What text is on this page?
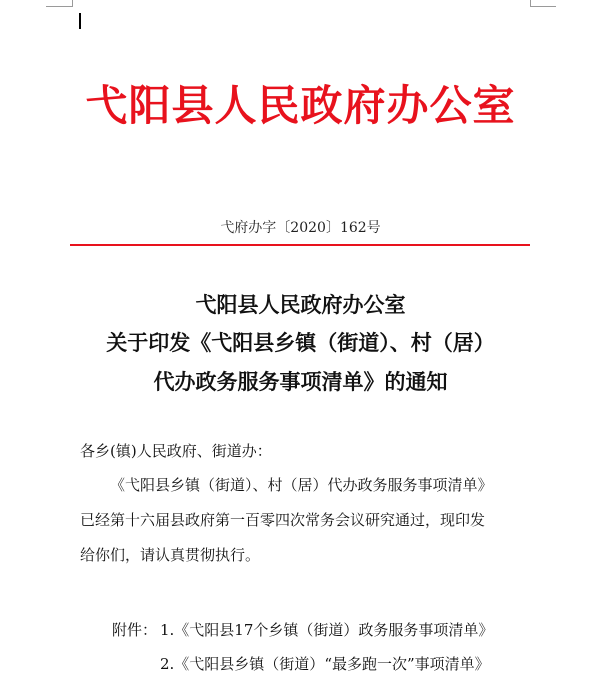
弋阳县人民政府办公室
弋府办字〔2020〕162号
弋阳县人民政府办公室
关于印发《弋阳县乡镇（街道）、村（居）
代办政务服务事项清单》的通知
各乡(镇)人民政府、街道办：
《弋阳县乡镇（街道）、村（居）代办政务服务事项清单》
已经第十六届县政府第一百零四次常务会议研究通过，现印发
给你们，请认真贯彻执行。
附件： 1.《弋阳县17个乡镇（街道）政务服务事项清单》
2.《弋阳县乡镇（街道）“最多跑一次”事项清单》
